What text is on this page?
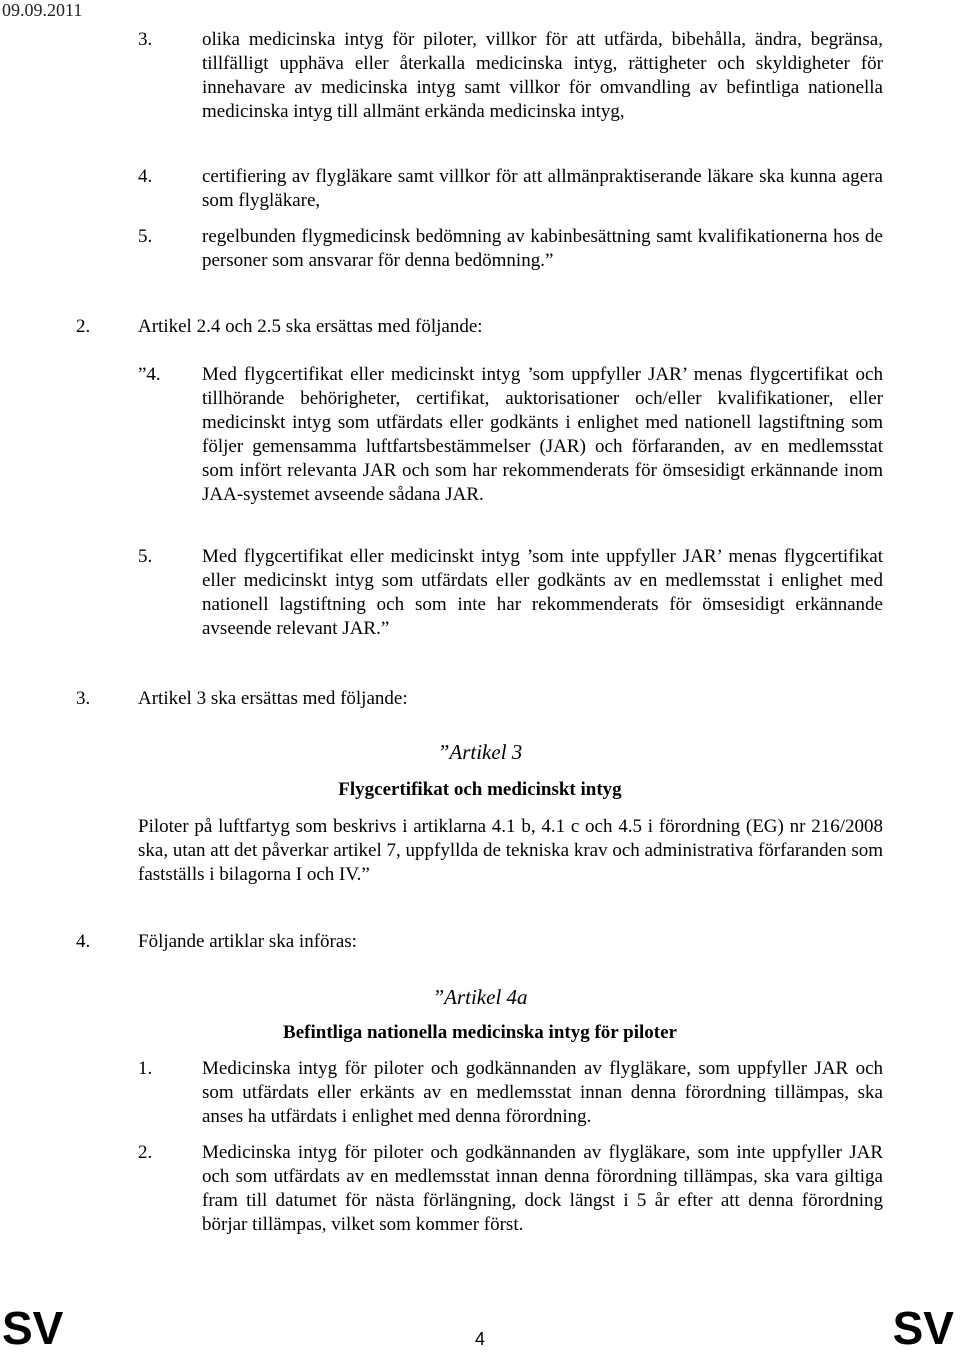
09.09.2011
3.	olika medicinska intyg för piloter, villkor för att utfärda, bibehålla, ändra, begränsa, tillfälligt upphäva eller återkalla medicinska intyg, rättigheter och skyldigheter för innehavare av medicinska intyg samt villkor för omvandling av befintliga nationella medicinska intyg till allmänt erkända medicinska intyg,
4.	certifiering av flygläkare samt villkor för att allmänpraktiserande läkare ska kunna agera som flygläkare,
5.	regelbunden flygmedicinsk bedömning av kabinbesättning samt kvalifikationerna hos de personer som ansvarar för denna bedömning.”
2.	Artikel 2.4 och 2.5 ska ersättas med följande:
”4. Med flygcertifikat eller medicinskt intyg ’som uppfyller JAR’ menas flygcertifikat och tillhörande behörigheter, certifikat, auktorisationer och/eller kvalifikationer, eller medicinskt intyg som utfärdats eller godkänts i enlighet med nationell lagstiftning som följer gemensamma luftfartsbestämmelser (JAR) och förfaranden, av en medlemsstat som infört relevanta JAR och som har rekommenderats för ömsesidigt erkännande inom JAA-systemet avseende sådana JAR.
5.	Med flygcertifikat eller medicinskt intyg ’som inte uppfyller JAR’ menas flygcertifikat eller medicinskt intyg som utfärdats eller godkänts av en medlemsstat i enlighet med nationell lagstiftning och som inte har rekommenderats för ömsesidigt erkännande avseende relevant JAR.”
3.	Artikel 3 ska ersättas med följande:
”Artikel 3
Flygcertifikat och medicinskt intyg
Piloter på luftfartyg som beskrivs i artiklarna 4.1 b, 4.1 c och 4.5 i förordning (EG) nr 216/2008 ska, utan att det påverkar artikel 7, uppfyllda de tekniska krav och administrativa förfaranden som fastställs i bilagorna I och IV.”
4.	Följande artiklar ska införas:
”Artikel 4a
Befintliga nationella medicinska intyg för piloter
1.	Medicinska intyg för piloter och godkännanden av flygläkare, som uppfyller JAR och som utfärdats eller erkänts av en medlemsstat innan denna förordning tillämpas, ska anses ha utfärdats i enlighet med denna förordning.
2.	Medicinska intyg för piloter och godkännanden av flygläkare, som inte uppfyller JAR och som utfärdats av en medlemsstat innan denna förordning tillämpas, ska vara giltiga fram till datumet för nästa förlängning, dock längst i 5 år efter att denna förordning börjar tillämpas, vilket som kommer först.
SV	4	SV
